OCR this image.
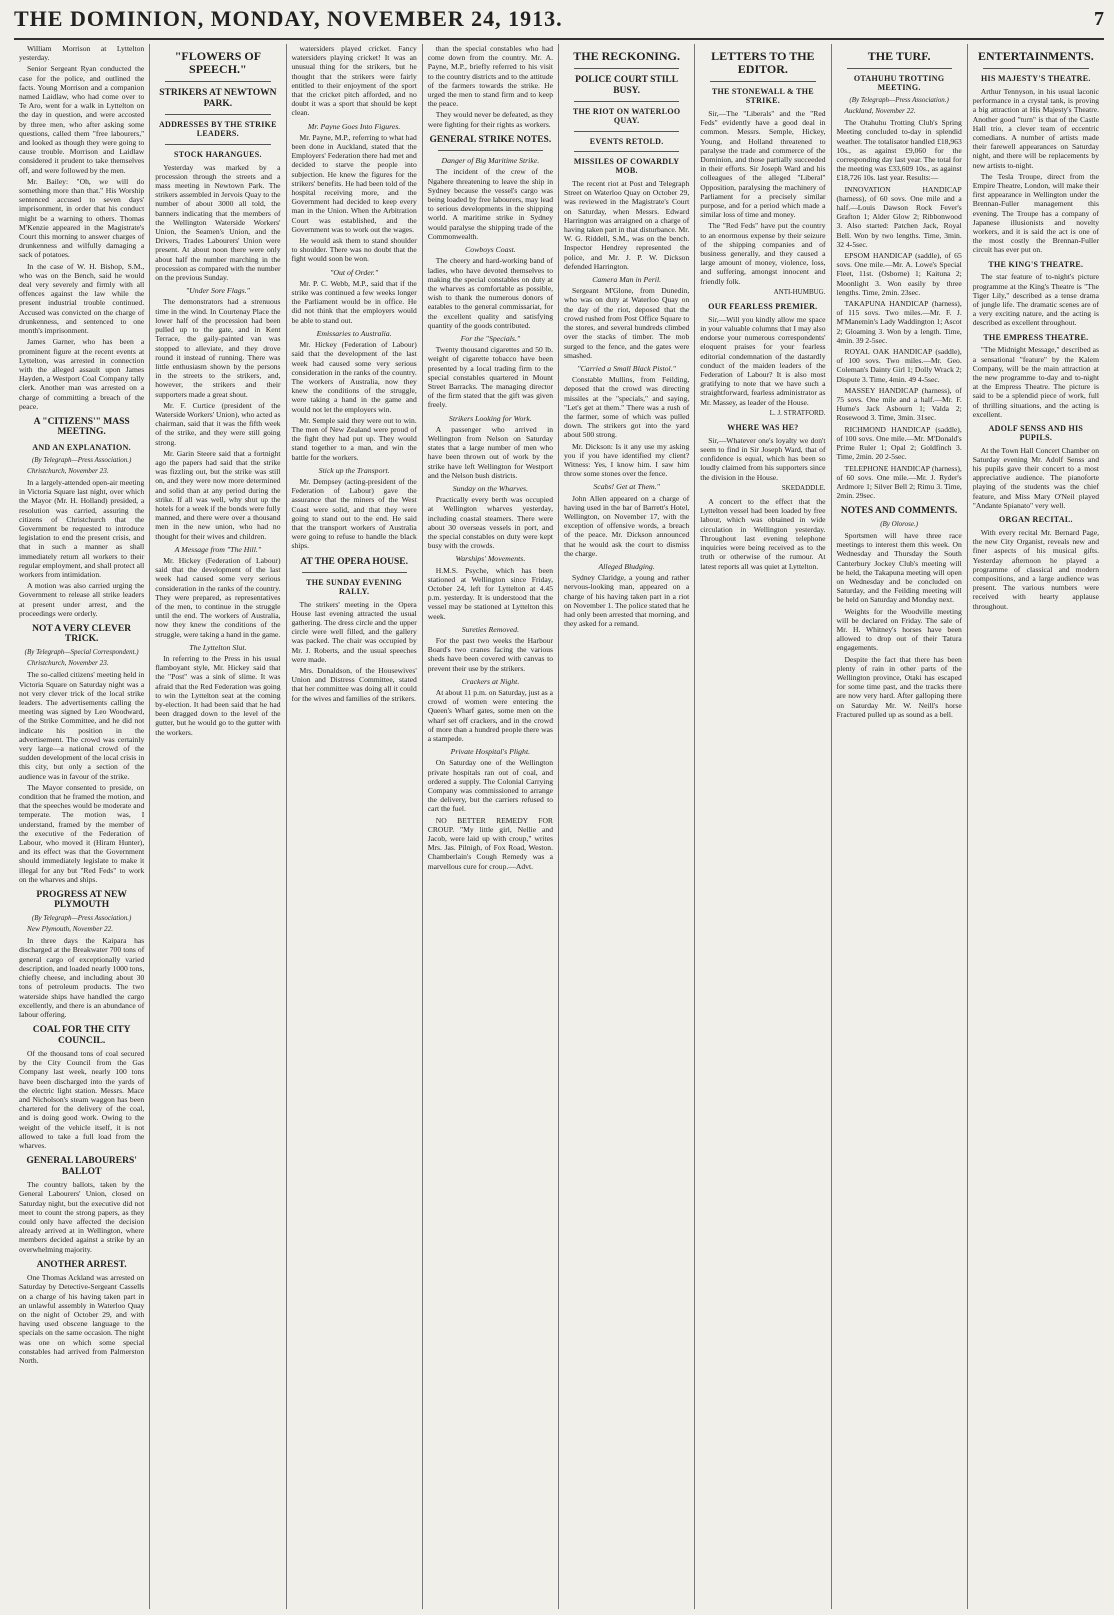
THE DOMINION, MONDAY, NOVEMBER 24, 1913.	7
William Morrison at Lyttelton yesterday.
Senior Sergeant Ryan conducted the case for the police, and outlined the facts. Young Morrison and a companion named Laidlaw, who had come over to Te Aro, went for a walk in Lyttelton on the day in question, and were accosted by three men, who after asking some questions, called them "free labourers," and looked as though they were going to cause trouble. Morrison and Laidlaw considered it prudent to take themselves off, and were followed by the men.
Mr. Bailey: "Oh, we will do something more than that." His Worship sentenced accused to seven days' imprisonment, in order that his conduct might be a warning to others. Thomas M'Kenzie appeared in the Magistrate's Court this morning to answer charges of drunkenness and wilfully damaging a sack of potatoes.
In the case of W. H. Bishop, S.M., who was on the Bench, said he would deal very severely and firmly with all offences against the law while the present industrial trouble continued. Accused was convicted on the charge of drunkenness, and sentenced to one month's imprisonment.
James Garner, who has been a prominent figure at the recent events at Lyttelton, was arrested in connection with the alleged assault upon James Hayden, a Westport Coal Company tally clerk. Another man was arrested on a charge of committing a breach of the peace.
A "CITIZENS'" MASS MEETING.
AND AN EXPLANATION.
(By Telegraph—Press Association.)
Christchurch, November 23.
In a largely-attended open-air meeting in Victoria Square last night, over which the Mayor (Mr. H. Holland) presided, a resolution was carried, assuring the citizens of Christchurch that the Government be requested to introduce legislation to end the present crisis, and that in such a manner as shall immediately return all workers to their regular employment, and shall protect all workers from intimidation.
A motion was also carried urging the Government to release all strike leaders at present under arrest, and the proceedings were orderly.
NOT A VERY CLEVER TRICK.
(By Telegraph—Special Correspondent.)
Christchurch, November 23.
The so-called citizens' meeting held in Victoria Square on Saturday night was a not very clever trick of the local strike leaders. The advertisements calling the meeting was signed by Leo Woodward, of the Strike Committee, and he did not indicate his position in the advertisement. The crowd was certainly very large—a national crowd of the sudden development of the local crisis in this city, but only a section of the audience was in favour of the strike.
The Mayor consented to preside, on condition that he framed the motion, and that the speeches would be moderate and temperate. The motion was, I understand, framed by the member of the executive of the Federation of Labour, who moved it (Hiram Hunter), and its effect was that the Government should immediately legislate to make it illegal for any but "Red Feds" to work on the wharves and ships.
PROGRESS AT NEW PLYMOUTH
(By Telegraph—Press Association.)
New Plymouth, November 22.
In three days the Kaipara has discharged at the Breakwater 700 tons of general cargo of exceptionally varied description, and loaded nearly 1000 tons, chiefly cheese, and including about 30 tons of petroleum products. The two waterside ships have handled the cargo excellently, and there is an abundance of labour offering.
COAL FOR THE CITY COUNCIL.
Of the thousand tons of coal secured by the City Council from the Gas Company last week, nearly 100 tons have been discharged into the yards of the electric light station. Messrs. Mace and Nicholson's steam waggon has been chartered for the delivery of the coal, and is doing good work. Owing to the weight of the vehicle itself, it is not allowed to take a full load from the wharves.
GENERAL LABOURERS' BALLOT
The country ballots, taken by the General Labourers' Union, closed on Saturday night, but the executive did not meet to count the strong papers, as they could only have affected the decision already arrived at in Wellington, where members decided against a strike by an overwhelming majority.
ANOTHER ARREST.
One Thomas Ackland was arrested on Saturday by Detective-Sergeant Cassells on a charge of his having taken part in an unlawful assembly in Waterloo Quay on the night of October 29, and with having used obscene language to the specials on the same occasion. The night was one on which some special constables had arrived from Palmerston North.
"FLOWERS OF SPEECH."
STRIKERS AT NEWTOWN PARK.
ADDRESSES BY THE STRIKE LEADERS.
STOCK HARANGUES.
Yesterday was marked by a procession through the streets and a mass meeting in Newtown Park. The strikers assembled in Jervois Quay to the number of about 3000 all told, the banners indicating that the members of the Wellington Waterside Workers' Union, the Seamen's Union, and the Drivers, Trades Labourers' Union were present. At about noon there were only about half the number marching in the procession as compared with the number on the previous Sunday.
"Under Sore Flags."
The demonstrators had a strenuous time in the wind. In Courtenay Place the lower half of the procession had been pulled up to the gate, and in Kent Terrace, the gaily-painted van was stopped to alleviate, and they drove round it instead of running. There was little enthusiasm shown by the persons in the streets to the strikers, and, however, the strikers and their supporters made a great shout.
Mr. F. Curtice (president of the Waterside Workers' Union), who acted as chairman, said that it was the fifth week of the strike, and they were still going strong.
Mr. Garin Steere said that a fortnight ago the papers had said that the strike was fizzling out, but the strike was still on, and they were now more determined and solid than at any period during the strike. If all was well, why shut up the hotels for a week if the bonds were fully manned, and there were over a thousand men in the new union, who had no thought for their wives and children.
A Message from "The Hill."
Mr. Hickey (Federation of Labour) said that the development of the last week had caused some very serious consideration in the ranks of the country. They were prepared, as representatives of the men, to continue in the struggle until the end. The workers of Australia, now they knew the conditions of the struggle, were taking a hand in the game.
The Lyttelton Slut.
In referring to the Press in his usual flamboyant style, Mr. Hickey said that the "Post" was a sink of slime. It was afraid that the Red Federation was going to win the Lyttelton seat at the coming by-election. It had been said that he had been dragged down to the level of the gutter, but he would go to the gutter with the workers.
watersiders played cricket. Fancy watersiders playing cricket! It was an unusual thing for the strikers, but he thought that the strikers were fairly entitled to their enjoyment of the sport that the cricket pitch afforded, and no doubt it was a sport that should be kept clean.
Mr. Payne Goes Into Figures.
Mr. Payne, M.P., referring to what had been done in Auckland, stated that the Employers' Federation there had met and decided to starve the people into subjection. He knew the figures for the strikers' benefits. He had been told of the hospital receiving more, and the Government had decided to keep every man in the Union. When the Arbitration Court was established, and the Government was to work out the wages.
He would ask them to stand shoulder to shoulder. There was no doubt that the fight would soon be won.
"Out of Order."
Mr. P. C. Webb, M.P., said that if the strike was continued a few weeks longer the Parliament would be in office. He did not think that the employers would be able to stand out.
Emissaries to Australia.
Mr. Hickey (Federation of Labour) said that the development of the last week had caused some very serious consideration in the ranks of the country. The workers of Australia, now they knew the conditions of the struggle, were taking a hand in the game and would not let the employers win.
Mr. Semple said they were out to win. The men of New Zealand were proud of the fight they had put up. They would stand together to a man, and win the battle for the workers.
Stick up the Transport.
Mr. Dempsey (acting-president of the Federation of Labour) gave the assurance that the miners of the West Coast were solid, and that they were going to stand out to the end. He said that the transport workers of Australia were going to refuse to handle the black ships.
AT THE OPERA HOUSE.
THE SUNDAY EVENING RALLY.
The strikers' meeting in the Opera House last evening attracted the usual gathering. The dress circle and the upper circle were well filled, and the gallery was packed. The chair was occupied by Mr. J. Roberts, and the usual speeches were made.
Mrs. Donaldson, of the Housewives' Union and Distress Committee, stated that her committee was doing all it could for the wives and families of the strikers.
than the special constables who had come down from the country. Mr. A. Payne, M.P., briefly referred to his visit to the country districts and to the attitude of the farmers towards the strike. He urged the men to stand firm and to keep the peace.
They would never be defeated, as they were fighting for their rights as workers.
GENERAL STRIKE NOTES.
Danger of Big Maritime Strike.
The incident of the crew of the Ngahere threatening to leave the ship in Sydney because the vessel's cargo was being loaded by free labourers, may lead to serious developments in the shipping world. A maritime strike in Sydney would paralyse the shipping trade of the Commonwealth.
Cowboys Coast.
The cheery and hard-working band of ladies, who have devoted themselves to making the special constables on duty at the wharves as comfortable as possible, wish to thank the numerous donors of eatables to the general commissariat, for the excellent quality and satisfying quantity of the goods contributed.
For the "Specials."
Twenty thousand cigarettes and 50 lb. weight of cigarette tobacco have been presented by a local trading firm to the special constables quartered in Mount Street Barracks. The managing director of the firm stated that the gift was given freely.
Strikers Looking for Work.
A passenger who arrived in Wellington from Nelson on Saturday states that a large number of men who have been thrown out of work by the strike have left Wellington for Westport and the Nelson bush districts.
Sunday on the Wharves.
Practically every berth was occupied at Wellington wharves yesterday, including coastal steamers. There were about 30 overseas vessels in port, and the special constables on duty were kept busy with the crowds.
Warships' Movements.
H.M.S. Psyche, which has been stationed at Wellington since Friday, October 24, left for Lyttelton at 4.45 p.m. yesterday. It is understood that the vessel may be stationed at Lyttelton this week.
Sureties Removed.
For the past two weeks the Harbour Board's two cranes facing the various sheds have been covered with canvas to prevent their use by the strikers.
Crackers at Night.
At about 11 p.m. on Saturday, just as a crowd of women were entering the Queen's Wharf gates, some men on the wharf set off crackers, and in the crowd of more than a hundred people there was a stampede.
Private Hospital's Plight.
On Saturday one of the Wellington private hospitals ran out of coal, and ordered a supply. The Colonial Carrying Company was commissioned to arrange the delivery, but the carriers refused to cart the fuel.
NO BETTER REMEDY FOR CROUP. "My little girl, Nellie and Jacob, were laid up with croup," writes Mrs. Jas. Pilnigh, of Fox Road, Weston. Chamberlain's Cough Remedy was a marvellous cure for croup.—Advt.
THE RECKONING.
POLICE COURT STILL BUSY.
THE RIOT ON WATERLOO QUAY.
EVENTS RETOLD.
MISSILES OF COWARDLY MOB.
The recent riot at Post and Telegraph Street on Waterloo Quay on October 29, was reviewed in the Magistrate's Court on Saturday, when Messrs. Edward Harrington was arraigned on a charge of having taken part in that disturbance. Mr. W. G. Riddell, S.M., was on the bench. Inspector Hendrey represented the police, and Mr. J. P. W. Dickson defended Harrington.
Camera Man in Peril.
Sergeant M'Glone, from Dunedin, who was on duty at Waterloo Quay on the day of the riot, deposed that the crowd rushed from Post Office Square to the stores, and several hundreds climbed over the stacks of timber. The mob surged to the fence, and the gates were smashed.
"Carried a Small Black Pistol."
Constable Mullins, from Feilding, deposed that the crowd was directing missiles at the "specials," and saying, "Let's get at them." There was a rush of the farmer, some of which was pulled down. The strikers got into the yard about 500 strong.
Mr. Dickson: Is it any use my asking you if you have identified my client? Witness: Yes, I know him. I saw him throw some stones over the fence.
Scabs! Get at Them."
John Allen appeared on a charge of having used in the bar of Barrett's Hotel, Wellington, on November 17, with the exception of offensive words, a breach of the peace. Mr. Dickson announced that he would ask the court to dismiss the charge.
Alleged Bludging.
Sydney Claridge, a young and rather nervous-looking man, appeared on a charge of his having taken part in a riot on November 1. The police stated that he had only been arrested that morning, and they asked for a remand.
LETTERS TO THE EDITOR.
THE STONEWALL & THE STRIKE.
Sir,—The "Liberals" and the "Red Feds" evidently have a good deal in common. Messrs. Semple, Hickey, Young, and Holland threatened to paralyse the trade and commerce of the Dominion, and those partially succeeded in their efforts. Sir Joseph Ward and his colleagues of the alleged "Liberal" Opposition, paralysing the machinery of Parliament for a precisely similar purpose, and for a period which made a similar loss of time and money.
The "Red Feds" have put the country to an enormous expense by their seizure of the shipping companies and of business generally, and they caused a large amount of money, violence, loss, and suffering, amongst innocent and friendly folk.
ANTI-HUMBUG.
OUR FEARLESS PREMIER.
Sir,—Will you kindly allow me space in your valuable columns that I may also endorse your numerous correspondents' eloquent praises for your fearless editorial condemnation of the dastardly conduct of the maiden leaders of the Federation of Labour? It is also most gratifying to note that we have such a straightforward, fearless administrator as Mr. Massey, as leader of the House.
L. J. STRATFORD.
WHERE WAS HE?
Sir,—Whatever one's loyalty we don't seem to find in Sir Joseph Ward, that of confidence is equal, which has been so loudly claimed from his supporters since the division in the House.
SKEDADDLE.
A concert to the effect that the Lyttelton vessel had been loaded by free labour, which was obtained in wide circulation in Wellington yesterday. Throughout last evening telephone inquiries were being received as to the truth or otherwise of the rumour. At latest reports all was quiet at Lyttelton.
THE TURF.
OTAHUHU TROTTING MEETING.
(By Telegraph—Press Association.)
Auckland, November 22.
The Otahuhu Trotting Club's Spring Meeting concluded to-day in splendid weather. The totalisator handled £18,963 10s., as against £9,060 for the corresponding day last year. The total for the meeting was £33,609 10s., as against £18,726 10s. last year. Results:—
INNOVATION HANDICAP (harness), of 60 sovs. One mile and a half.—Louis Dawson Rock Fever's Grafton 1; Alder Glow 2; Ribbonwood 3. Also started: Patchen Jack, Royal Bell. Won by two lengths. Time, 3min. 32 4-5sec.
EPSOM HANDICAP (saddle), of 65 sovs. One mile.—Mr. A. Lowe's Special Fleet, 11st. (Osborne) 1; Kaituna 2; Moonlight 3. Won easily by three lengths. Time, 2min. 23sec.
TAKAPUNA HANDICAP (harness), of 115 sovs. Two miles.—Mr. F. J. M'Manemin's Lady Waddington 1; Ascot 2; Gloaming 3. Won by a length. Time, 4min. 39 2-5sec.
ROYAL OAK HANDICAP (saddle), of 100 sovs. Two miles.—Mr. Geo. Coleman's Dainty Girl 1; Dolly Wrack 2; Dispute 3. Time, 4min. 49 4-5sec.
MASSEY HANDICAP (harness), of 75 sovs. One mile and a half.—Mr. F. Hume's Jack Asbourn 1; Valda 2; Rosewood 3. Time, 3min. 31sec.
RICHMOND HANDICAP (saddle), of 100 sovs. One mile.—Mr. M'Donald's Prime Ruler 1; Opal 2; Goldfinch 3. Time, 2min. 20 2-5sec.
TELEPHONE HANDICAP (harness), of 60 sovs. One mile.—Mr. J. Ryder's Ardmore 1; Silver Bell 2; Rimu 3. Time, 2min. 29sec.
NOTES AND COMMENTS.
(By Olorose.)
Sportsmen will have three race meetings to interest them this week. On Wednesday and Thursday the South Canterbury Jockey Club's meeting will be held, the Takapuna meeting will open on Wednesday and be concluded on Saturday, and the Feilding meeting will be held on Saturday and Monday next.
Weights for the Woodville meeting will be declared on Friday. The sale of Mr. H. Whitney's horses have been allowed to drop out of their Tatura engagements.
Despite the fact that there has been plenty of rain in other parts of the Wellington province, Otaki has escaped for some time past, and the tracks there are now very hard. After galloping there on Saturday Mr. W. Neill's horse Fractured pulled up as sound as a bell.
ENTERTAINMENTS.
HIS MAJESTY'S THEATRE.
Arthur Tennyson, in his usual laconic performance in a crystal tank, is proving a big attraction at His Majesty's Theatre. Another good "turn" is that of the Castle Hall trio, a clever team of eccentric comedians. A number of artists made their farewell appearances on Saturday night, and there will be replacements by new artists to-night.
The Tesla Troupe, direct from the Empire Theatre, London, will make their first appearance in Wellington under the Brennan-Fuller management this evening. The Troupe has a company of Japanese illusionists and novelty workers, and it is said the act is one of the most costly the Brennan-Fuller circuit has ever put on.
THE KING'S THEATRE.
The star feature of to-night's picture programme at the King's Theatre is "The Tiger Lily," described as a tense drama of jungle life. The dramatic scenes are of a very exciting nature, and the acting is described as excellent throughout.
THE EMPRESS THEATRE.
"The Midnight Message," described as a sensational "feature" by the Kalem Company, will be the main attraction at the new programme to-day and to-night at the Empress Theatre. The picture is said to be a splendid piece of work, full of thrilling situations, and the acting is excellent.
ADOLF SENSS AND HIS PUPILS.
At the Town Hall Concert Chamber on Saturday evening Mr. Adolf Senss and his pupils gave their concert to a most appreciative audience. The pianoforte playing of the students was the chief feature, and Miss Mary O'Neil played "Andante Spianato" very well.
ORGAN RECITAL.
With every recital Mr. Bernard Page, the new City Organist, reveals new and finer aspects of his musical gifts. Yesterday afternoon he played a programme of classical and modern compositions, and a large audience was present. The various numbers were received with hearty applause throughout.
